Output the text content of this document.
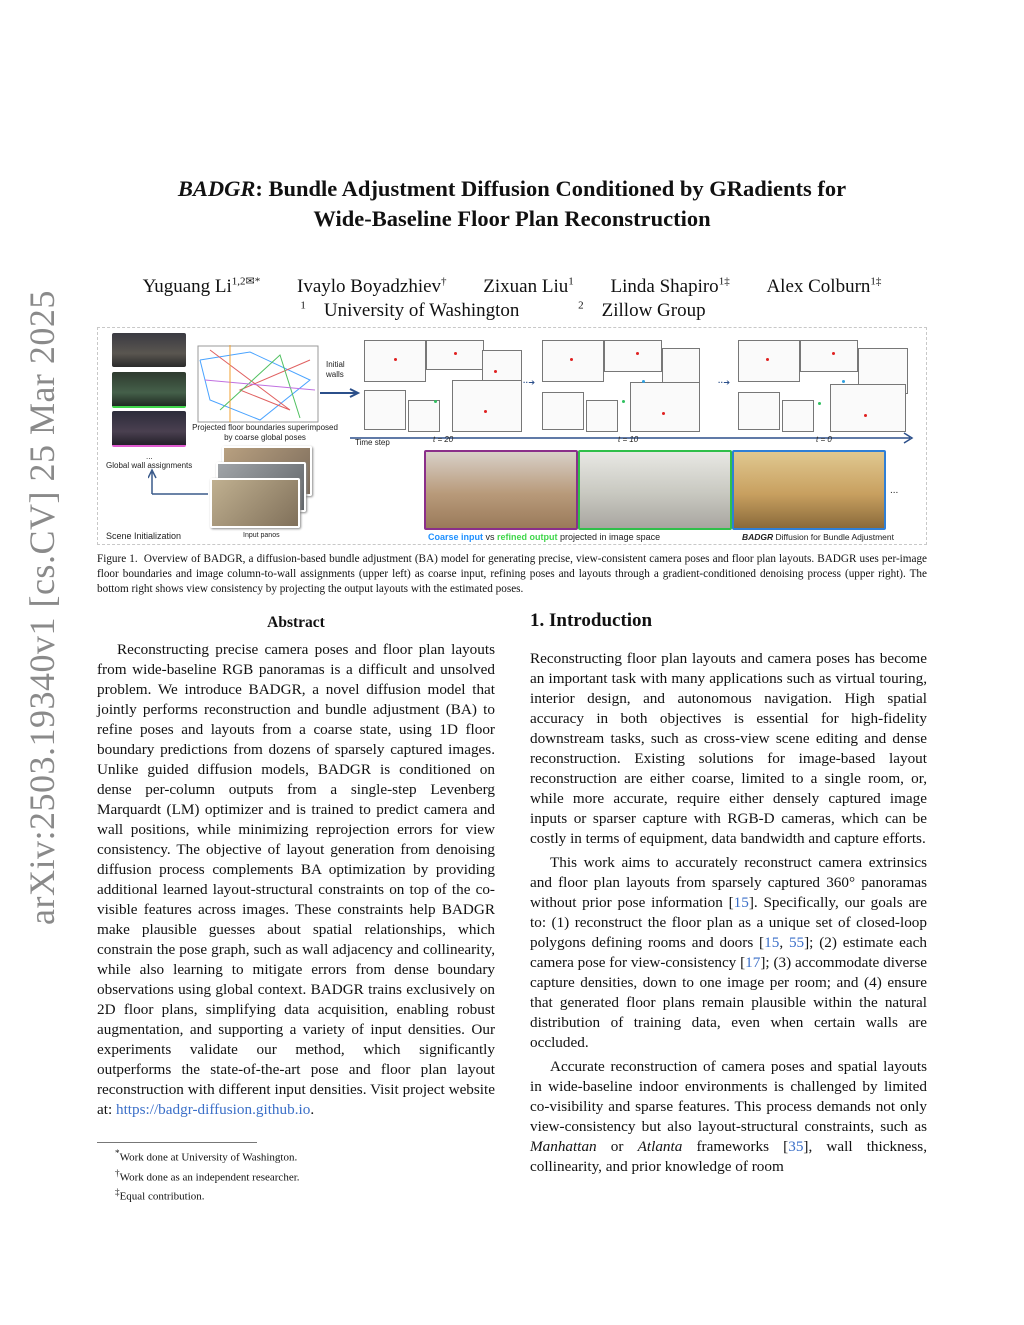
arXiv:2503.19340v1 [cs.CV] 25 Mar 2025
BADGR: Bundle Adjustment Diffusion Conditioned by GRadients for
Wide-Baseline Floor Plan Reconstruction
Yuguang $Li^{1,2✉*}$ Ivaylo Boyadzhiev† Zixuan Liu$^1$ Linda Shapiro$^{1\ddagger}$ Alex Colburn$^{1\ddagger}$
$^1$ University of Washington	$^2$ Zillow Group
Projected floor boundaries superimposed by coarse global poses
...
Global wall assignments
Input panos
Scene Initialization
Initial walls
··➔	··➔
Time step	t = 20	t = 10	t = 0
...
Coarse input vs refined output projected in image space	BADGR Diffusion for Bundle Adjustment
Figure 1. Overview of BADGR, a diffusion-based bundle adjustment (BA) model for generating precise, view-consistent camera poses and floor plan layouts. BADGR uses per-image floor boundaries and image column-to-wall assignments (upper left) as coarse input, refining poses and layouts through a gradient-conditioned denoising process (upper right). The bottom right shows view consistency by projecting the output layouts with the estimated poses.
Abstract

Reconstructing precise camera poses and floor plan layouts from wide-baseline RGB panoramas is a difficult and unsolved problem. We introduce BADGR, a novel diffusion model that jointly performs reconstruction and bundle adjustment (BA) to refine poses and layouts from a coarse state, using 1D floor boundary predictions from dozens of sparsely captured images. Unlike guided diffusion models, BADGR is conditioned on dense per-column outputs from a single-step Levenberg Marquardt (LM) optimizer and is trained to predict camera and wall positions, while minimizing reprojection errors for view consistency. The objective of layout generation from denoising diffusion process complements BA optimization by providing additional learned layout-structural constraints on top of the co-visible features across images. These constraints help BADGR make plausible guesses about spatial relationships, which constrain the pose graph, such as wall adjacency and collinearity, while also learning to mitigate errors from dense boundary observations using global context. BADGR trains exclusively on 2D floor plans, simplifying data acquisition, enabling robust augmentation, and supporting a variety of input densities. Our experiments validate our method, which significantly outperforms the state-of-the-art pose and floor plan layout reconstruction with different input densities. Visit project website at: https://badgr-diffusion.github.io.

*Work done at University of Washington.
†Work done as an independent researcher.
‡Equal contribution.
1. Introduction

Reconstructing floor plan layouts and camera poses has become an important task with many applications such as virtual touring, interior design, and autonomous navigation. High spatial accuracy in both objectives is essential for high-fidelity downstream tasks, such as cross-view scene editing and dense reconstruction. Existing solutions for image-based layout reconstruction are either coarse, limited to a single room, or, while more accurate, require either densely captured image inputs or sparser capture with RGB-D cameras, which can be costly in terms of equipment, data bandwidth and capture efforts.

This work aims to accurately reconstruct camera extrinsics and floor plan layouts from sparsely captured 360° panoramas without prior pose information [15]. Specifically, our goals are to: (1) reconstruct the floor plan as a unique set of closed-loop polygons defining rooms and doors [15, 55]; (2) estimate each camera pose for view-consistency [17]; (3) accommodate diverse capture densities, down to one image per room; and (4) ensure that generated floor plans remain plausible within the natural distribution of training data, even when certain walls are occluded.

Accurate reconstruction of camera poses and spatial layouts in wide-baseline indoor environments is challenged by limited co-visibility and sparse features. This process demands not only view-consistency but also layout-structural constraints, such as Manhattan or Atlanta frameworks [35], wall thickness, collinearity, and prior knowledge of room
